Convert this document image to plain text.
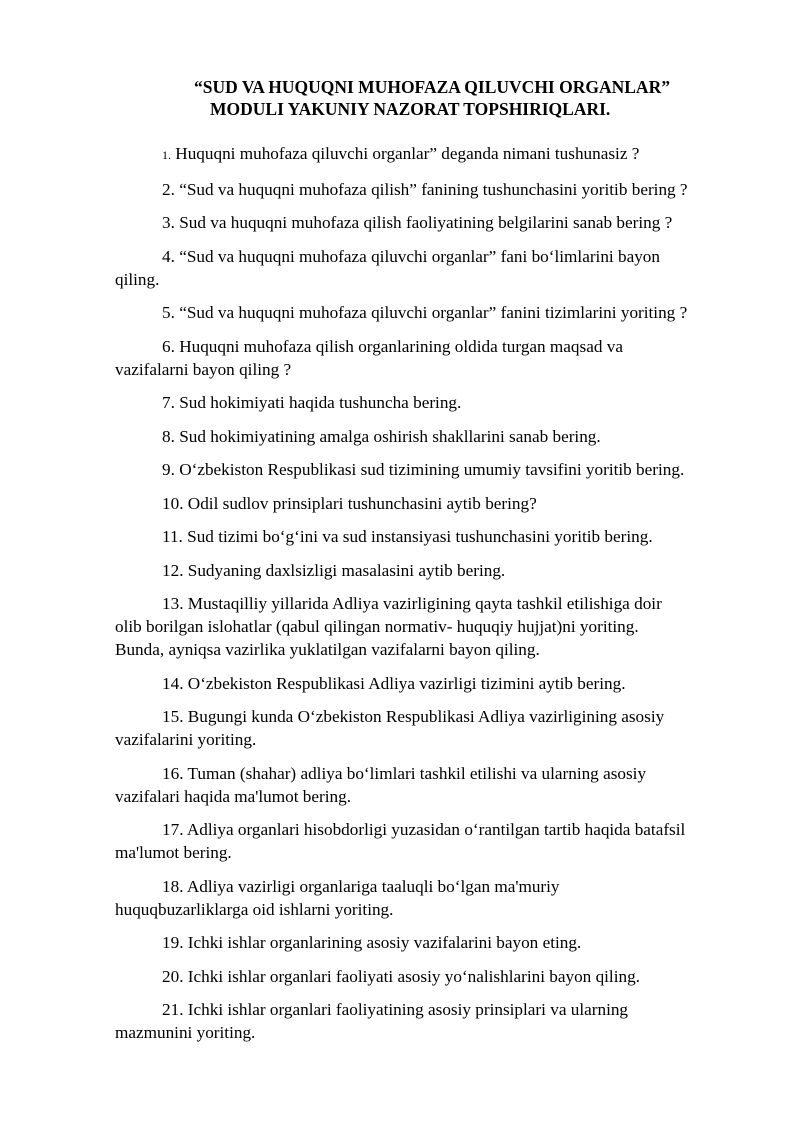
“SUD VA HUQUQNI MUHOFAZA QILUVCHI ORGANLAR”
MODULI YAKUNIY NAZORAT TOPSHIRIQLARI.

1. Huquqni muhofaza qiluvchi organlar” deganda nimani tushunasiz ?

2. “Sud va huquqni muhofaza qilish” fanining tushunchasini yoritib bering ?

3. Sud va huquqni muhofaza qilish faoliyatining belgilarini sanab bering ?

4. “Sud va huquqni muhofaza qiluvchi organlar” fani bo‘limlarini bayon
qiling.

5. “Sud va huquqni muhofaza qiluvchi organlar” fanini tizimlarini yoriting ?

6. Huquqni muhofaza qilish organlarining oldida turgan maqsad va
vazifalarni bayon qiling ?

7. Sud hokimiyati haqida tushuncha bering.

8. Sud hokimiyatining amalga oshirish shakllarini sanab bering.

9. O‘zbekiston Respublikasi sud tizimining umumiy tavsifini yoritib bering.

10. Odil sudlov prinsiplari tushunchasini aytib bering?

11. Sud tizimi bo‘g‘ini va sud instansiyasi tushunchasini yoritib bering.

12. Sudyaning daxlsizligi masalasini aytib bering.

13. Mustaqilliy yillarida Adliya vazirligining qayta tashkil etilishiga doir
olib borilgan islohatlar (qabul qilingan normativ- huquqiy hujjat)ni yoriting.
Bunda, ayniqsa vazirlika yuklatilgan vazifalarni bayon qiling.

14. O‘zbekiston Respublikasi Adliya vazirligi tizimini aytib bering.

15. Bugungi kunda O‘zbekiston Respublikasi Adliya vazirligining asosiy
vazifalarini yoriting.

16. Tuman (shahar) adliya bo‘limlari tashkil etilishi va ularning asosiy
vazifalari haqida ma'lumot bering.

17. Adliya organlari hisobdorligi yuzasidan o‘rantilgan tartib haqida batafsil
ma'lumot bering.

18. Adliya vazirligi organlariga taaluqli bo‘lgan ma'muriy
huquqbuzarliklarga oid ishlarni yoriting.

19. Ichki ishlar organlarining asosiy vazifalarini bayon eting.

20. Ichki ishlar organlari faoliyati asosiy yo‘nalishlarini bayon qiling.

21. Ichki ishlar organlari faoliyatining asosiy prinsiplari va ularning
mazmunini yoriting.
